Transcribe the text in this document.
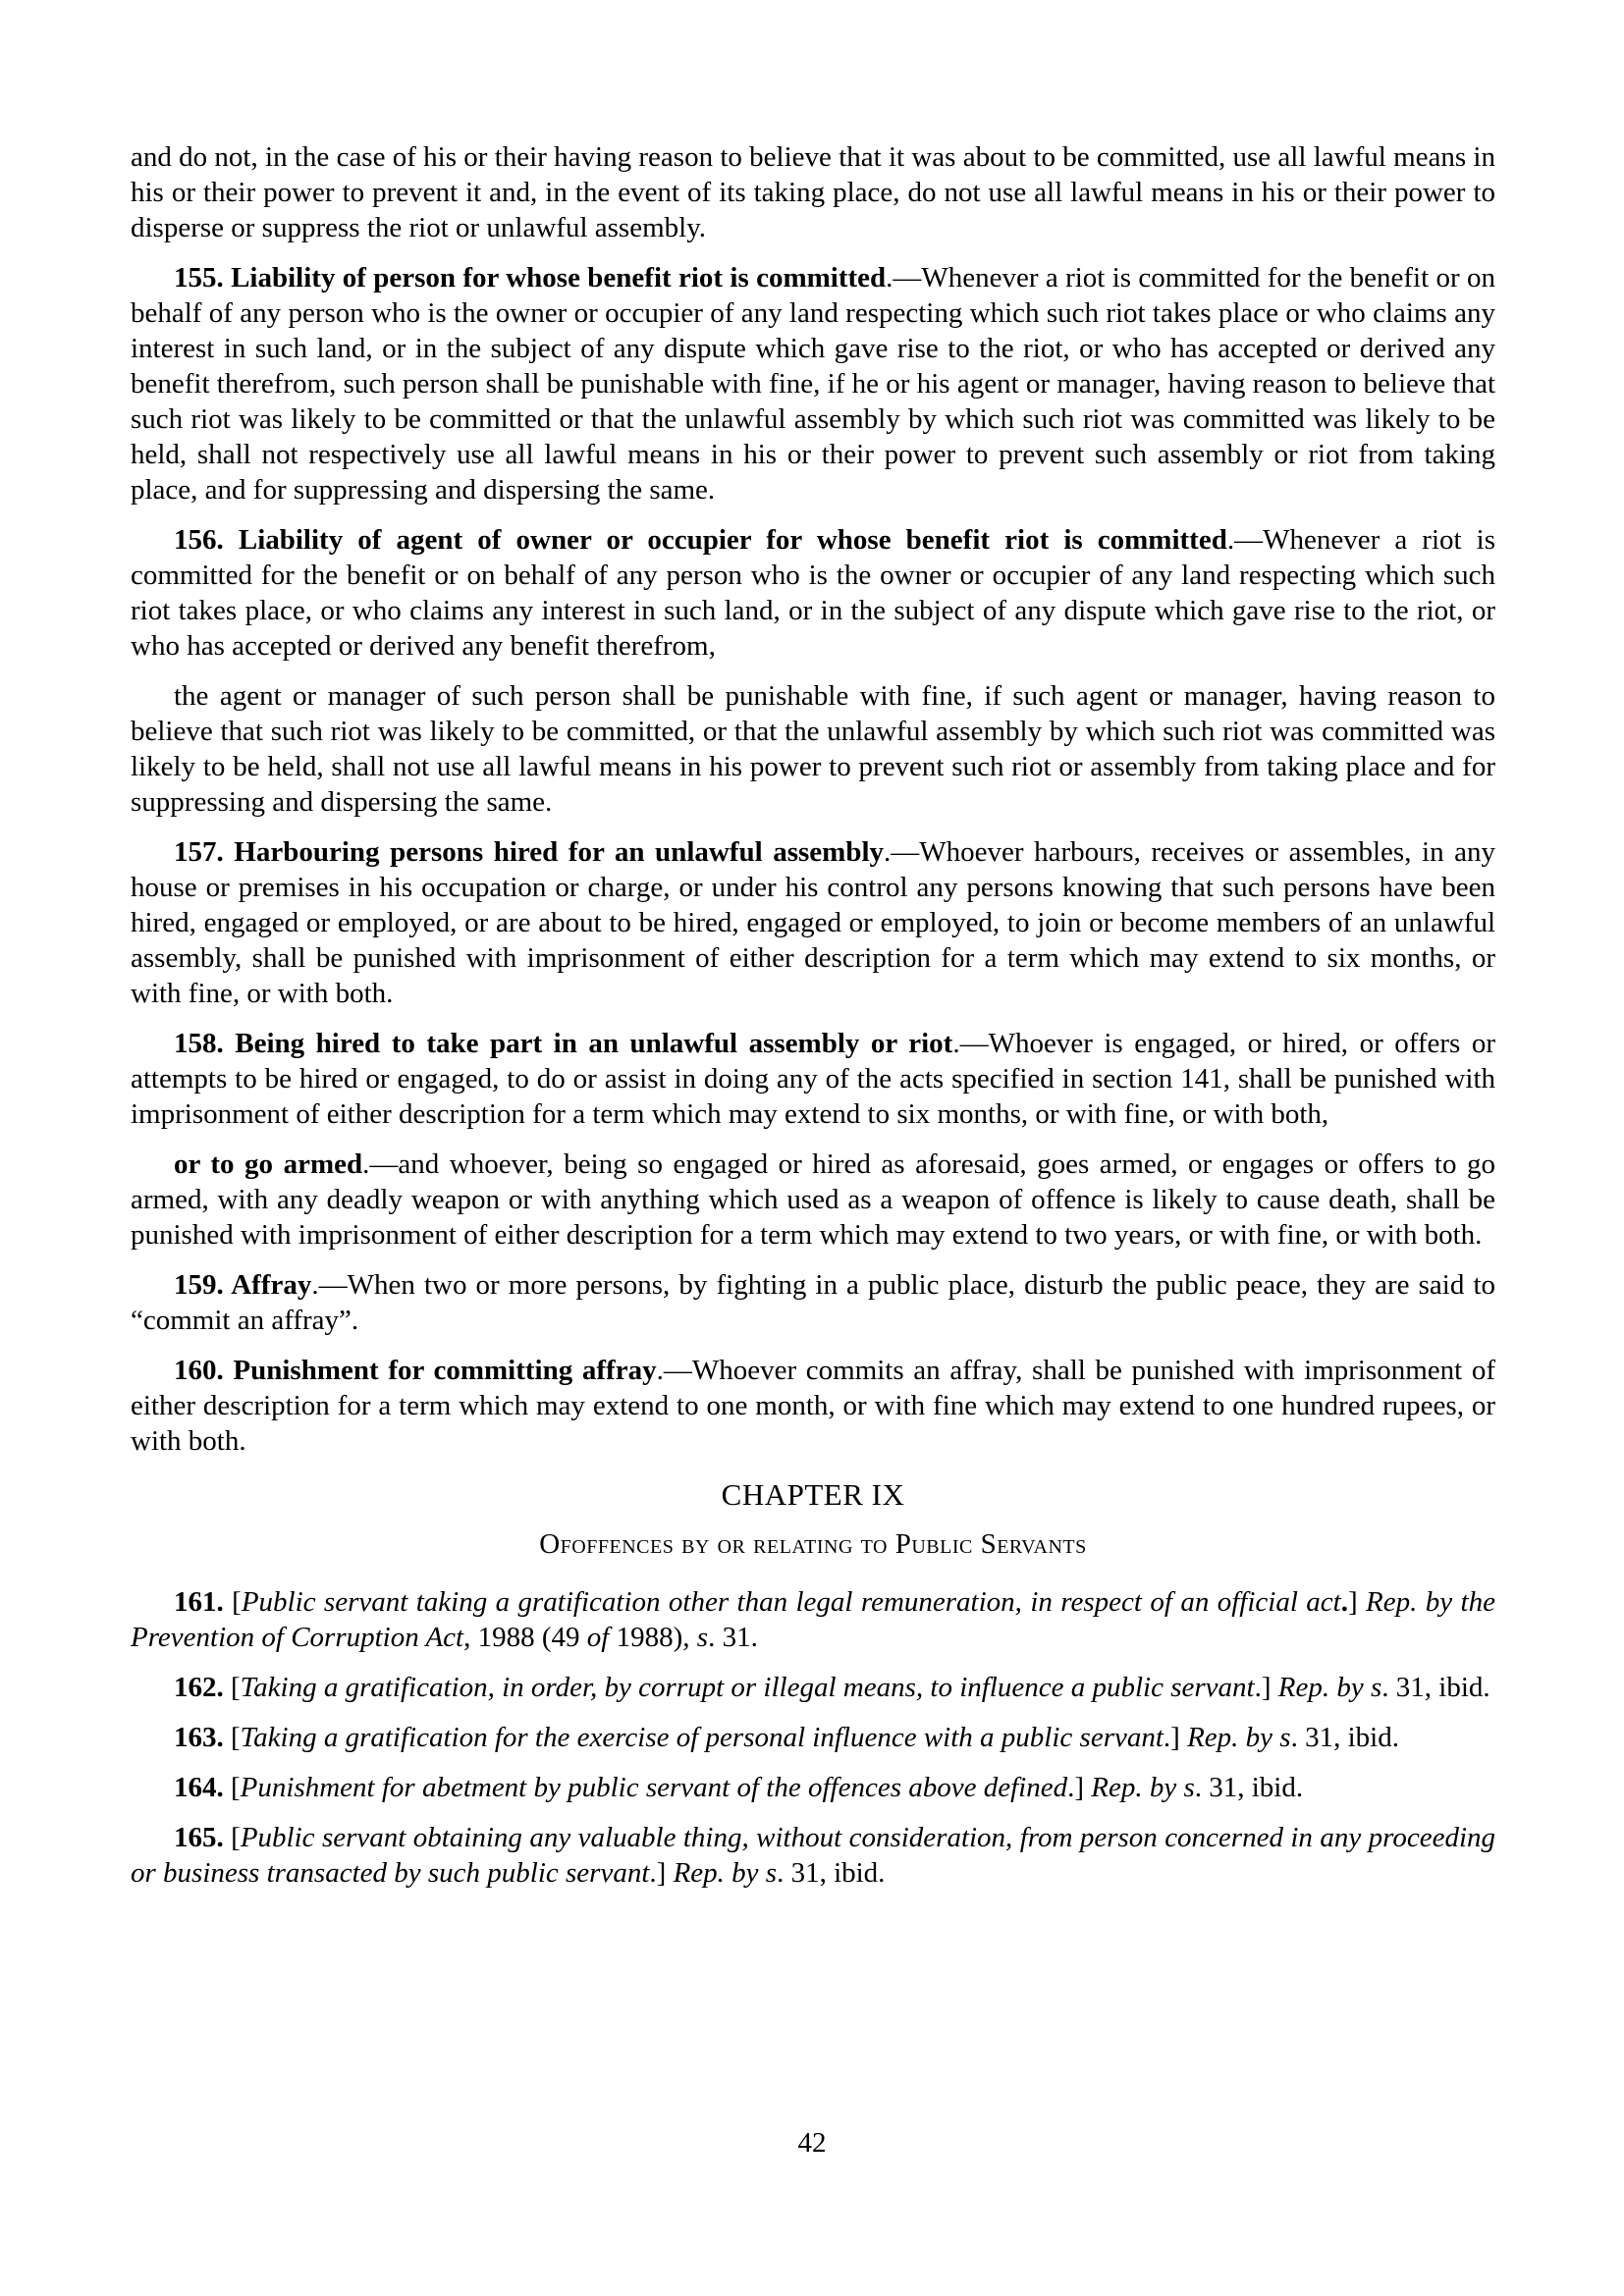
and do not, in the case of his or their having reason to believe that it was about to be committed, use all lawful means in his or their power to prevent it and, in the event of its taking place, do not use all lawful means in his or their power to disperse or suppress the riot or unlawful assembly.

155. Liability of person for whose benefit riot is committed.—Whenever a riot is committed for the benefit or on behalf of any person who is the owner or occupier of any land respecting which such riot takes place or who claims any interest in such land, or in the subject of any dispute which gave rise to the riot, or who has accepted or derived any benefit therefrom, such person shall be punishable with fine, if he or his agent or manager, having reason to believe that such riot was likely to be committed or that the unlawful assembly by which such riot was committed was likely to be held, shall not respectively use all lawful means in his or their power to prevent such assembly or riot from taking place, and for suppressing and dispersing the same.

156. Liability of agent of owner or occupier for whose benefit riot is committed.—Whenever a riot is committed for the benefit or on behalf of any person who is the owner or occupier of any land respecting which such riot takes place, or who claims any interest in such land, or in the subject of any dispute which gave rise to the riot, or who has accepted or derived any benefit therefrom,

the agent or manager of such person shall be punishable with fine, if such agent or manager, having reason to believe that such riot was likely to be committed, or that the unlawful assembly by which such riot was committed was likely to be held, shall not use all lawful means in his power to prevent such riot or assembly from taking place and for suppressing and dispersing the same.

157. Harbouring persons hired for an unlawful assembly.—Whoever harbours, receives or assembles, in any house or premises in his occupation or charge, or under his control any persons knowing that such persons have been hired, engaged or employed, or are about to be hired, engaged or employed, to join or become members of an unlawful assembly, shall be punished with imprisonment of either description for a term which may extend to six months, or with fine, or with both.

158. Being hired to take part in an unlawful assembly or riot.—Whoever is engaged, or hired, or offers or attempts to be hired or engaged, to do or assist in doing any of the acts specified in section 141, shall be punished with imprisonment of either description for a term which may extend to six months, or with fine, or with both,

or to go armed.—and whoever, being so engaged or hired as aforesaid, goes armed, or engages or offers to go armed, with any deadly weapon or with anything which used as a weapon of offence is likely to cause death, shall be punished with imprisonment of either description for a term which may extend to two years, or with fine, or with both.

159. Affray.—When two or more persons, by fighting in a public place, disturb the public peace, they are said to “commit an affray”.

160. Punishment for committing affray.—Whoever commits an affray, shall be punished with imprisonment of either description for a term which may extend to one month, or with fine which may extend to one hundred rupees, or with both.

CHAPTER IX
Ofoffences by or relating to Public Servants

161. [Public servant taking a gratification other than legal remuneration, in respect of an official act.] Rep. by the Prevention of Corruption Act, 1988 (49 of 1988), s. 31.

162. [Taking a gratification, in order, by corrupt or illegal means, to influence a public servant.] Rep. by s. 31, ibid.

163. [Taking a gratification for the exercise of personal influence with a public servant.] Rep. by s. 31, ibid.

164. [Punishment for abetment by public servant of the offences above defined.] Rep. by s. 31, ibid.

165. [Public servant obtaining any valuable thing, without consideration, from person concerned in any proceeding or business transacted by such public servant.] Rep. by s. 31, ibid.

42
